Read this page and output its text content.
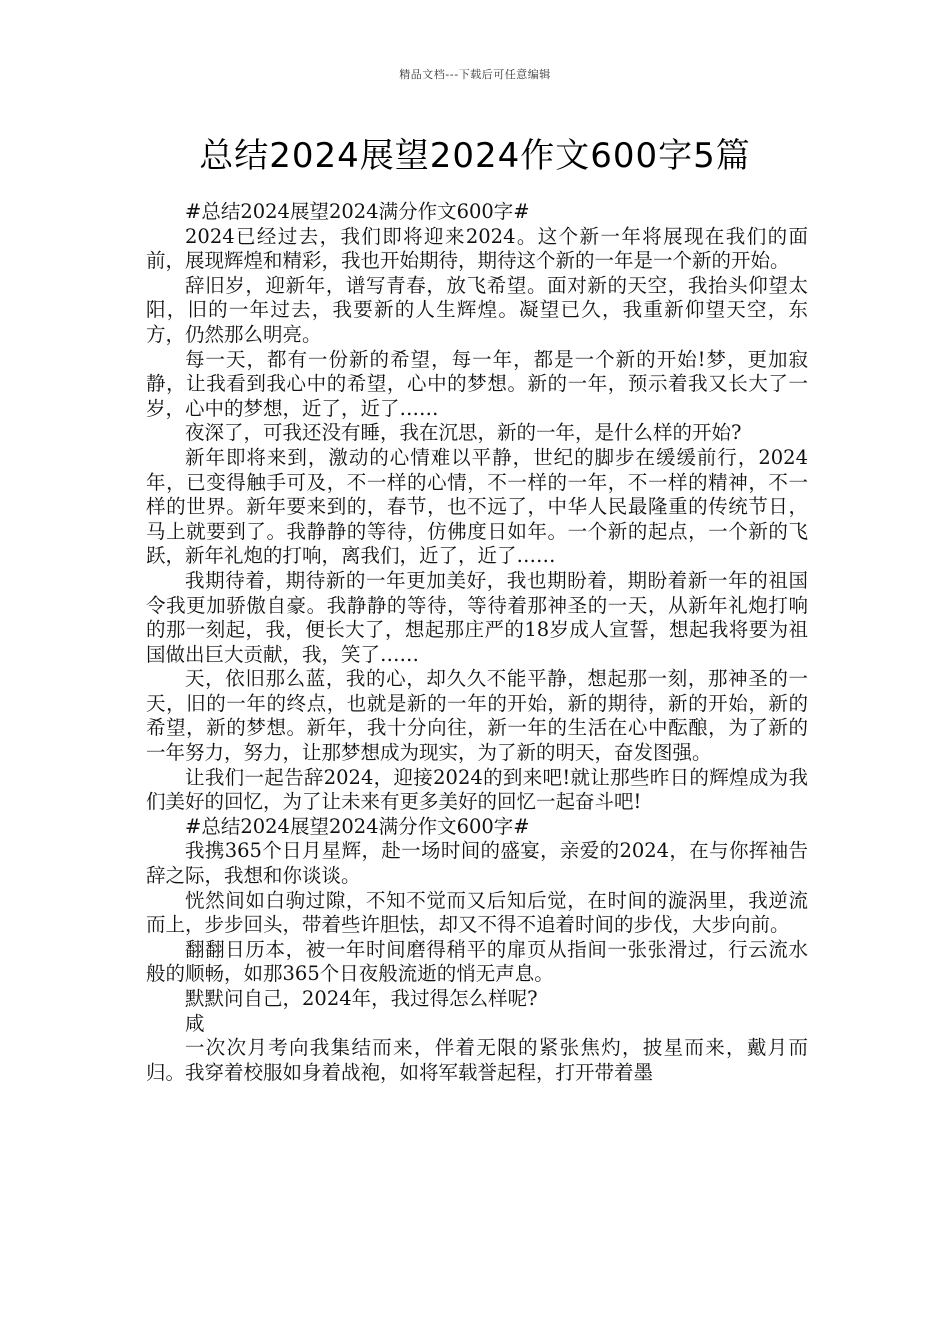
精品文档---下载后可任意编辑
总结2024展望2024作文600字5篇

#总结2024展望2024满分作文600字#

2024已经过去，我们即将迎来2024。这个新一年将展现在我们的面前，展现辉煌和精彩，我也开始期待，期待这个新的一年是一个新的开始。

辞旧岁，迎新年，谱写青春，放飞希望。面对新的天空，我抬头仰望太阳，旧的一年过去，我要新的人生辉煌。凝望已久，我重新仰望天空，东方，仍然那么明亮。

每一天，都有一份新的希望，每一年，都是一个新的开始!梦，更加寂静，让我看到我心中的希望，心中的梦想。新的一年，预示着我又长大了一岁，心中的梦想，近了，近了……

夜深了，可我还没有睡，我在沉思，新的一年，是什么样的开始?

新年即将来到，激动的心情难以平静，世纪的脚步在缓缓前行，2024年，已变得触手可及，不一样的心情，不一样的一年，不一样的精神，不一样的世界。新年要来到的，春节，也不远了，中华人民最隆重的传统节日，马上就要到了。我静静的等待，仿佛度日如年。一个新的起点，一个新的飞跃，新年礼炮的打响，离我们，近了，近了……

我期待着，期待新的一年更加美好，我也期盼着，期盼着新一年的祖国令我更加骄傲自豪。我静静的等待，等待着那神圣的一天，从新年礼炮打响的那一刻起，我，便长大了，想起那庄严的18岁成人宣誓，想起我将要为祖国做出巨大贡献，我，笑了……

天，依旧那么蓝，我的心，却久久不能平静，想起那一刻，那神圣的一天，旧的一年的终点，也就是新的一年的开始，新的期待，新的开始，新的希望，新的梦想。新年，我十分向往，新一年的生活在心中酝酿，为了新的一年努力，努力，让那梦想成为现实，为了新的明天，奋发图强。

让我们一起告辞2024，迎接2024的到来吧!就让那些昨日的辉煌成为我们美好的回忆，为了让未来有更多美好的回忆一起奋斗吧!

#总结2024展望2024满分作文600字#

我携365个日月星辉，赴一场时间的盛宴，亲爱的2024，在与你挥袖告辞之际，我想和你谈谈。

恍然间如白驹过隙，不知不觉而又后知后觉，在时间的漩涡里，我逆流而上，步步回头，带着些许胆怯，却又不得不追着时间的步伐，大步向前。

翻翻日历本，被一年时间磨得稍平的扉页从指间一张张滑过，行云流水般的顺畅，如那365个日夜般流逝的悄无声息。

默默问自己，2024年，我过得怎么样呢?

咸

一次次月考向我集结而来，伴着无限的紧张焦灼，披星而来，戴月而归。我穿着校服如身着战袍，如将军载誉起程，打开带着墨
